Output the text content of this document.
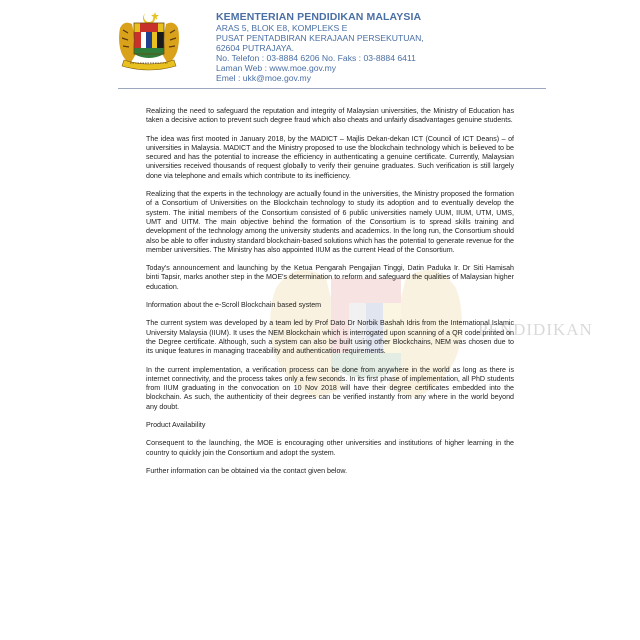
KEMENTERIAN PENDIDIKAN MALAYSIA
ARAS 5, BLOK E8, KOMPLEKS E
PUSAT PENTADBIRAN KERAJAAN PERSEKUTUAN,
62604 PUTRAJAYA.
No. Telefon : 03-8884 6206 No. Faks : 03-8884 6411
Laman Web : www.moe.gov.my
Emel : ukk@moe.gov.my
PENDIDIKAN

Realizing the need to safeguard the reputation and integrity of Malaysian universities, the Ministry of Education has taken a decisive action to prevent such degree fraud which also cheats and unfairly disadvantages genuine students.

The idea was first mooted in January 2018, by the MADICT – Majlis Dekan-dekan ICT (Council of ICT Deans) – of universities in Malaysia. MADICT and the Ministry proposed to use the blockchain technology which is believed to be secured and has the potential to increase the efficiency in authenticating a genuine certificate. Currently, Malaysian universities received thousands of request globally to verify their genuine graduates. Such verification is still largely done via telephone and emails which contribute to its inefficiency.

Realizing that the experts in the technology are actually found in the universities, the Ministry proposed the formation of a Consortium of Universities on the Blockchain technology to study its adoption and to eventually develop the system. The initial members of the Consortium consisted of 6 public universities namely UUM, IIUM, UTM, UMS, UMT and UITM. The main objective behind the formation of the Consortium is to spread skills training and development of the technology among the university students and academics. In the long run, the Consortium should also be able to offer industry standard blockchain-based solutions which has the potential to generate revenue for the member universities. The Ministry has also appointed IIUM as the current Head of the Consortium.

Today's announcement and launching by the Ketua Pengarah Pengajian Tinggi, Datin Paduka Ir. Dr Siti Hamisah binti Tapsir, marks another step in the MOE's determination to reform and safeguard the qualities of Malaysian higher education.

Information about the e-Scroll Blockchain based system

The current system was developed by a team led by Prof Dato Dr Norbik Bashah Idris from the International Islamic University Malaysia (IIUM). It uses the NEM Blockchain which is interrogated upon scanning of a QR code printed on the Degree certificate. Although, such a system can also be built using other Blockchains, NEM was chosen due to its unique features in managing traceability and authentication requirements.

In the current implementation, a verification process can be done from anywhere in the world as long as there is internet connectivity, and the process takes only a few seconds. In its first phase of implementation, all PhD students from IIUM graduating in the convocation on 10 Nov 2018 will have their degree certificates embedded into the blockchain. As such, the authenticity of their degrees can be verified instantly from any where in the world beyond any doubt.

Product Availability

Consequent to the launching, the MOE is encouraging other universities and institutions of higher learning in the country to quickly join the Consortium and adopt the system.

Further information can be obtained via the contact given below.
